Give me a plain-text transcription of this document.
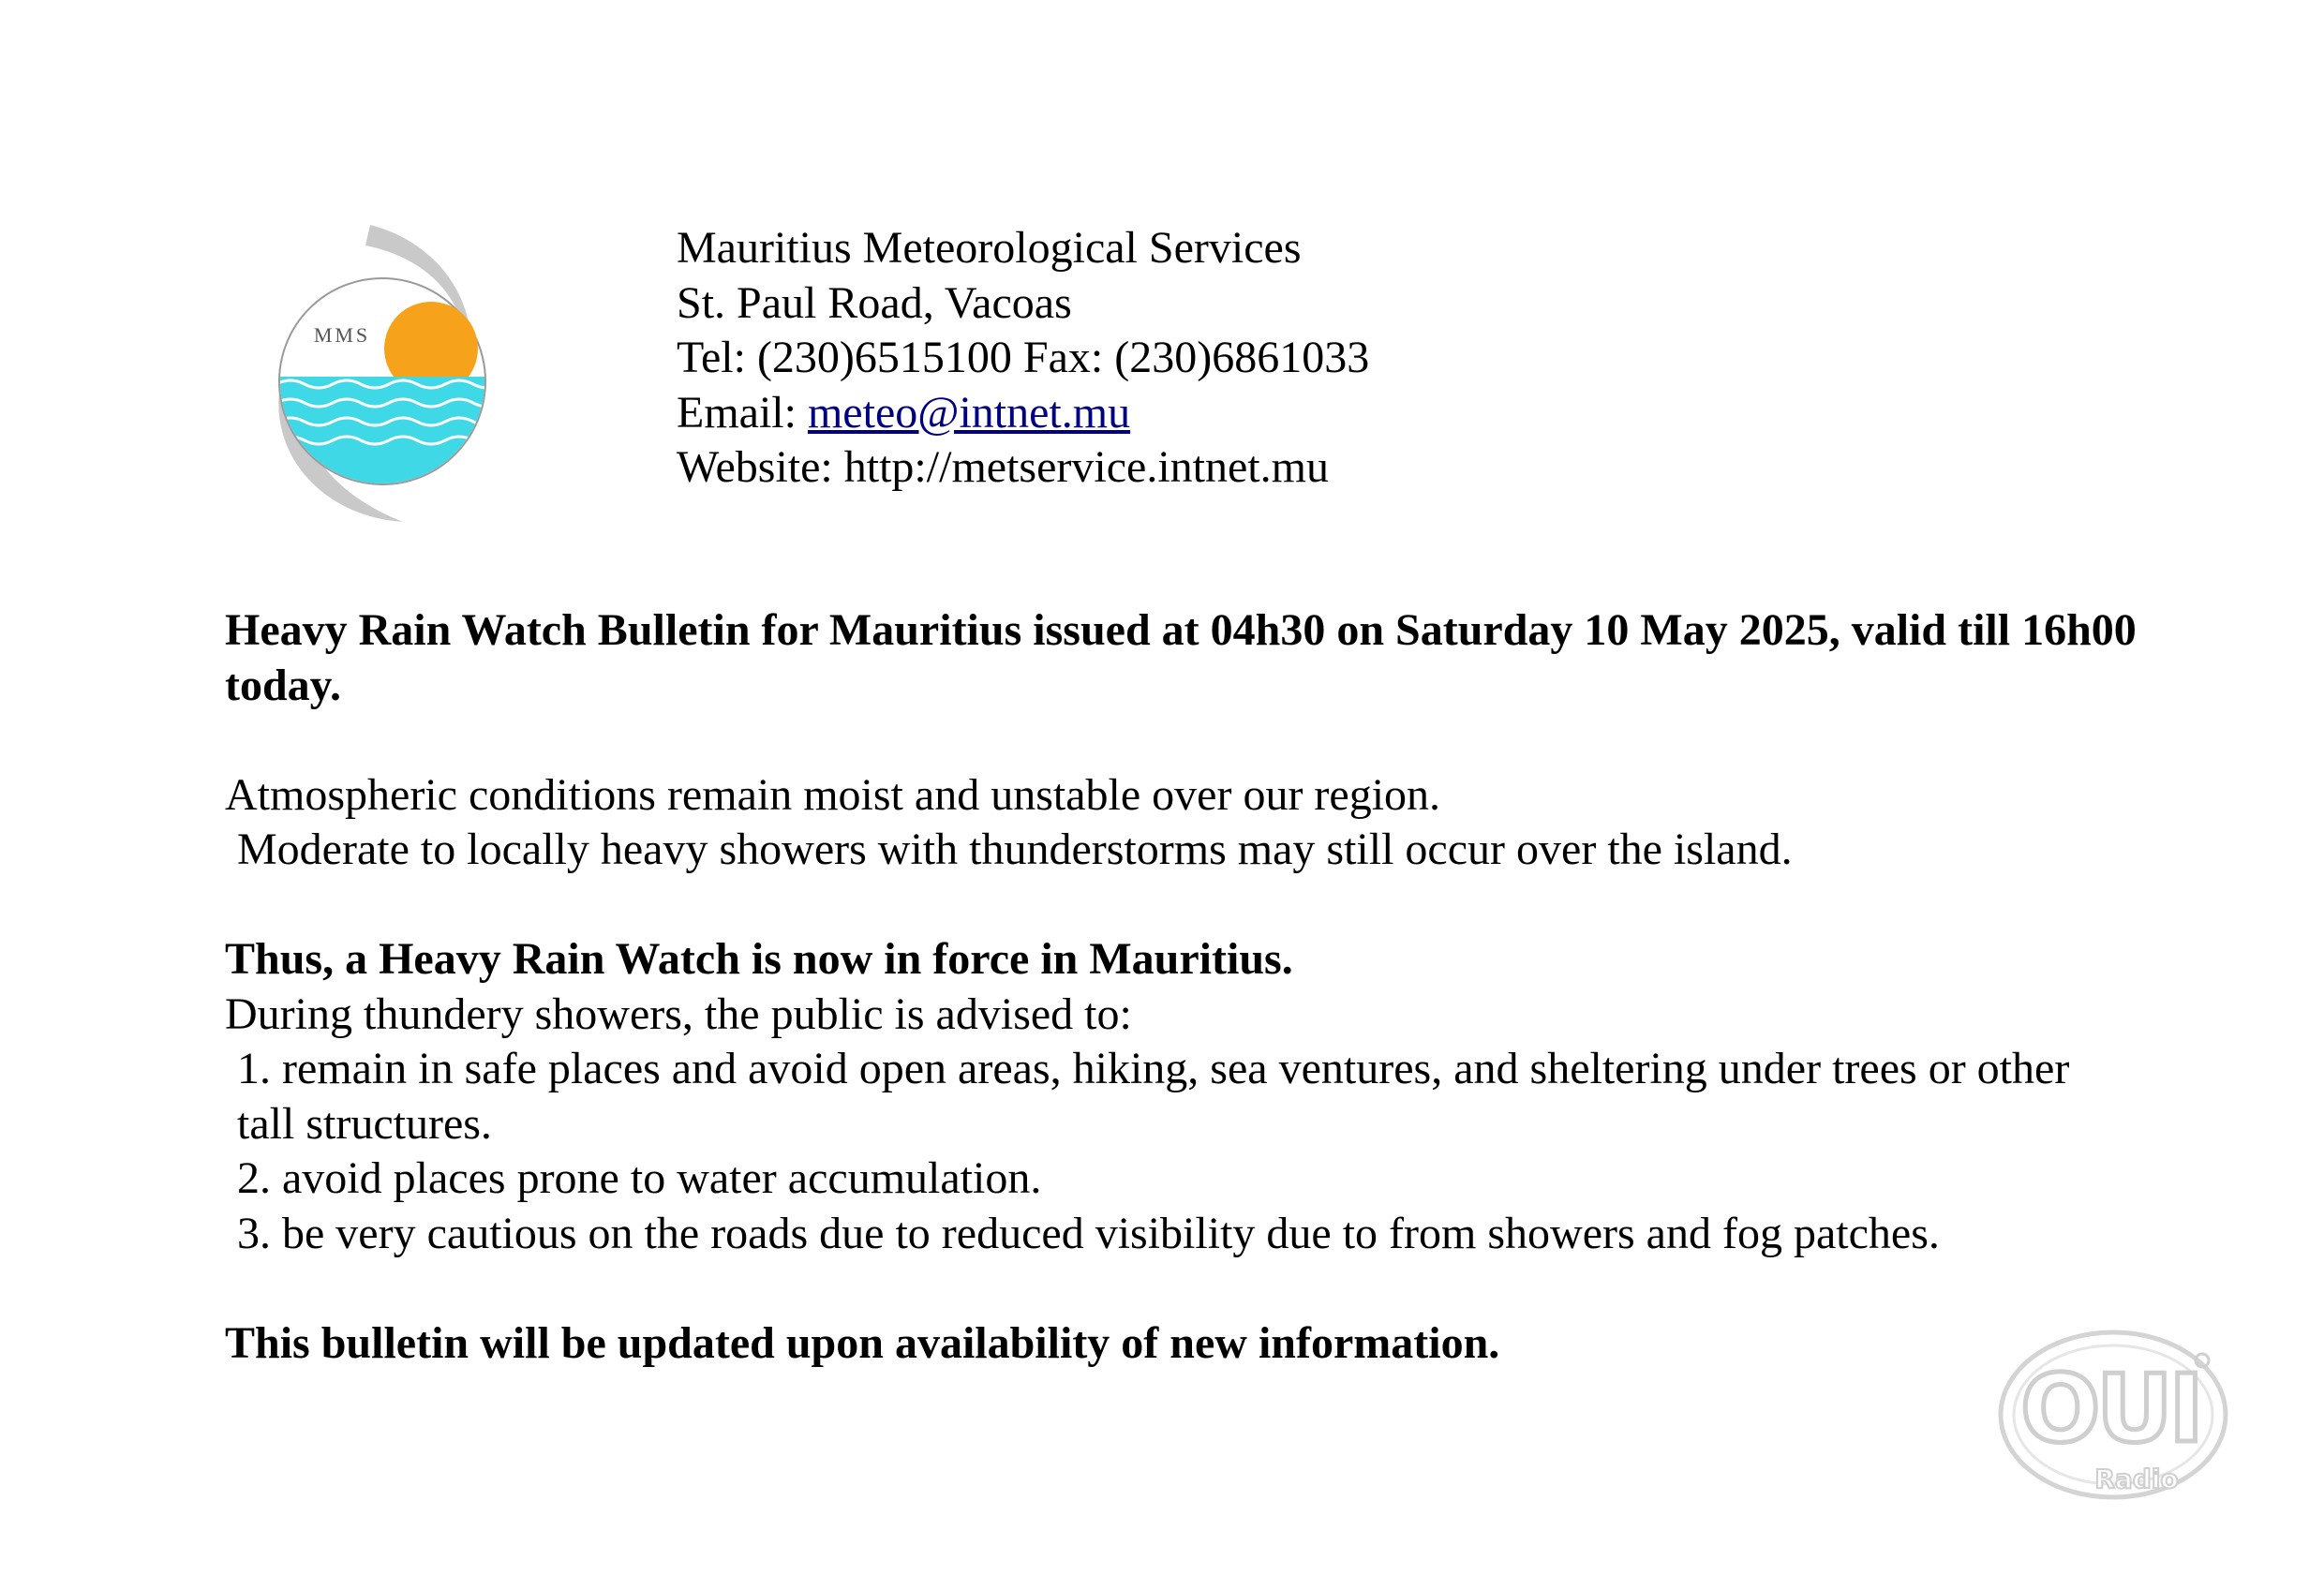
MMS
Mauritius Meteorological Services
St. Paul Road, Vacoas
Tel: (230)6515100 Fax: (230)6861033
Email: meteo@intnet.mu
Website: http://metservice.intnet.mu

Heavy Rain Watch Bulletin for Mauritius issued at 04h30 on Saturday 10 May 2025, valid till 16h00 today.

Atmospheric conditions remain moist and unstable over our region.

Moderate to locally heavy showers with thunderstorms may still occur over the island.

Thus, a Heavy Rain Watch is now in force in Mauritius.

During thundery showers, the public is advised to:

1. remain in safe places and avoid open areas, hiking, sea ventures, and sheltering under trees or other tall structures.

2. avoid places prone to water accumulation.

3. be very cautious on the roads due to reduced visibility due to from showers and fog patches.

This bulletin will be updated upon availability of new information.

OUI
Radio
